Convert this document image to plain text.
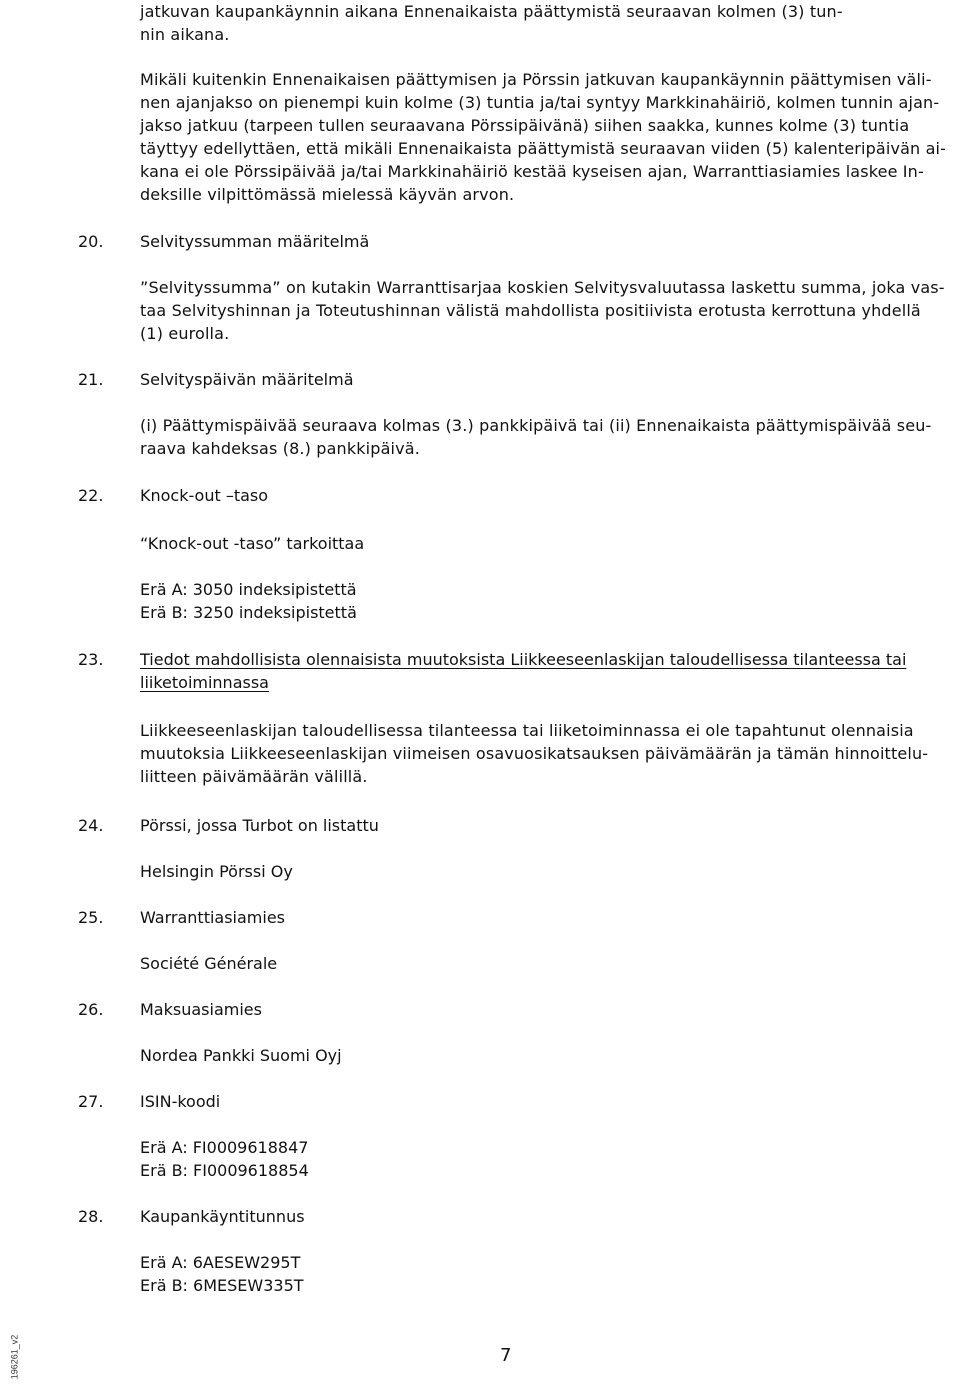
jatkuvan kaupankäynnin aikana Ennenaikaista päättymistä seuraavan kolmen (3) tun-
nin aikana.

Mikäli kuitenkin Ennenaikaisen päättymisen ja Pörssin jatkuvan kaupankäynnin päättymisen väli-
nen ajanjakso on pienempi kuin kolme (3) tuntia ja/tai syntyy Markkinahäiriö, kolmen tunnin ajan-
jakso jatkuu (tarpeen tullen seuraavana Pörssipäivänä) siihen saakka, kunnes kolme (3) tuntia
täyttyy edellyttäen, että mikäli Ennenaikaista päättymistä seuraavan viiden (5) kalenteripäivän ai-
kana ei ole Pörssipäivää ja/tai Markkinahäiriö kestää kyseisen ajan, Warranttiasiamies laskee In-
deksille vilpittömässä mielessä käyvän arvon.

20. Selvityssumman määritelmä

”Selvityssumma” on kutakin Warranttisarjaa koskien Selvitysvaluutassa laskettu summa, joka vas-
taa Selvityshinnan ja Toteutushinnan välistä mahdollista positiivista erotusta kerrottuna yhdellä
(1) eurolla.

21. Selvityspäivän määritelmä

(i) Päättymispäivää seuraava kolmas (3.) pankkipäivä tai (ii) Ennenaikaista päättymispäivää seu-
raava kahdeksas (8.) pankkipäivä.

22. Knock-out –taso

“Knock-out -taso” tarkoittaa

Erä A: 3050 indeksipistettä

Erä B: 3250 indeksipistettä

23. Tiedot mahdollisista olennaisista muutoksista Liikkeeseenlaskijan taloudellisessa tilanteessa tai
liiketoiminnassa

Liikkeeseenlaskijan taloudellisessa tilanteessa tai liiketoiminnassa ei ole tapahtunut olennaisia
muutoksia Liikkeeseenlaskijan viimeisen osavuosikatsauksen päivämäärän ja tämän hinnoittelu-
liitteen päivämäärän välillä.

24. Pörssi, jossa Turbot on listattu

Helsingin Pörssi Oy

25. Warranttiasiamies

Société Générale

26. Maksuasiamies

Nordea Pankki Suomi Oyj

27. ISIN-koodi

Erä A: FI0009618847

Erä B: FI0009618854

28. Kaupankäyntitunnus

Erä A: 6AESEW295T

Erä B: 6MESEW335T

7
196261_v2
